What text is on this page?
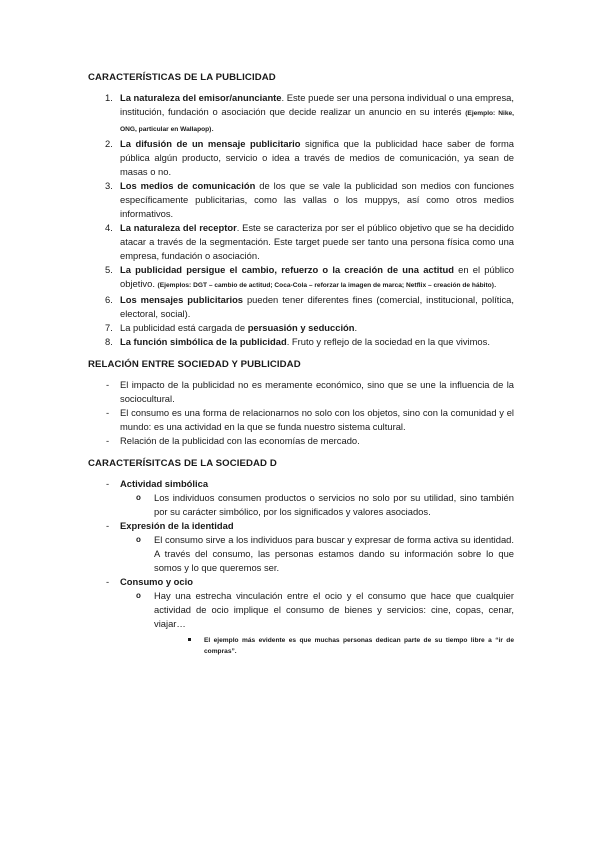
CARACTERÍSTICAS DE LA PUBLICIDAD
1. La naturaleza del emisor/anunciante. Este puede ser una persona individual o una empresa, institución, fundación o asociación que decide realizar un anuncio en su interés (Ejemplo: Nike, ONG, particular en Wallapop).
2. La difusión de un mensaje publicitario significa que la publicidad hace saber de forma pública algún producto, servicio o idea a través de medios de comunicación, ya sean de masas o no.
3. Los medios de comunicación de los que se vale la publicidad son medios con funciones específicamente publicitarias, como las vallas o los muppys, así como otros medios informativos.
4. La naturaleza del receptor. Este se caracteriza por ser el público objetivo que se ha decidido atacar a través de la segmentación. Este target puede ser tanto una persona física como una empresa, fundación o asociación.
5. La publicidad persigue el cambio, refuerzo o la creación de una actitud en el público objetivo. (Ejemplos: DGT – cambio de actitud; Coca-Cola – reforzar la imagen de marca; Netflix – creación de hábito).
6. Los mensajes publicitarios pueden tener diferentes fines (comercial, institucional, política, electoral, social).
7. La publicidad está cargada de persuasión y seducción.
8. La función simbólica de la publicidad. Fruto y reflejo de la sociedad en la que vivimos.
RELACIÓN ENTRE SOCIEDAD Y PUBLICIDAD
- El impacto de la publicidad no es meramente económico, sino que se une la influencia de la sociocultural.
- El consumo es una forma de relacionarnos no solo con los objetos, sino con la comunidad y el mundo: es una actividad en la que se funda nuestro sistema cultural.
- Relación de la publicidad con las economías de mercado.
CARACTERÍSITCAS DE LA SOCIEDAD D
- Actividad simbólica
o Los individuos consumen productos o servicios no solo por su utilidad, sino también por su carácter simbólico, por los significados y valores asociados.
- Expresión de la identidad
o El consumo sirve a los individuos para buscar y expresar de forma activa su identidad. A través del consumo, las personas estamos dando su información sobre lo que somos y lo que queremos ser.
- Consumo y ocio
o Hay una estrecha vinculación entre el ocio y el consumo que hace que cualquier actividad de ocio implique el consumo de bienes y servicios: cine, copas, cenar, viajar…
El ejemplo más evidente es que muchas personas dedican parte de su tiempo libre a “ir de compras”.
